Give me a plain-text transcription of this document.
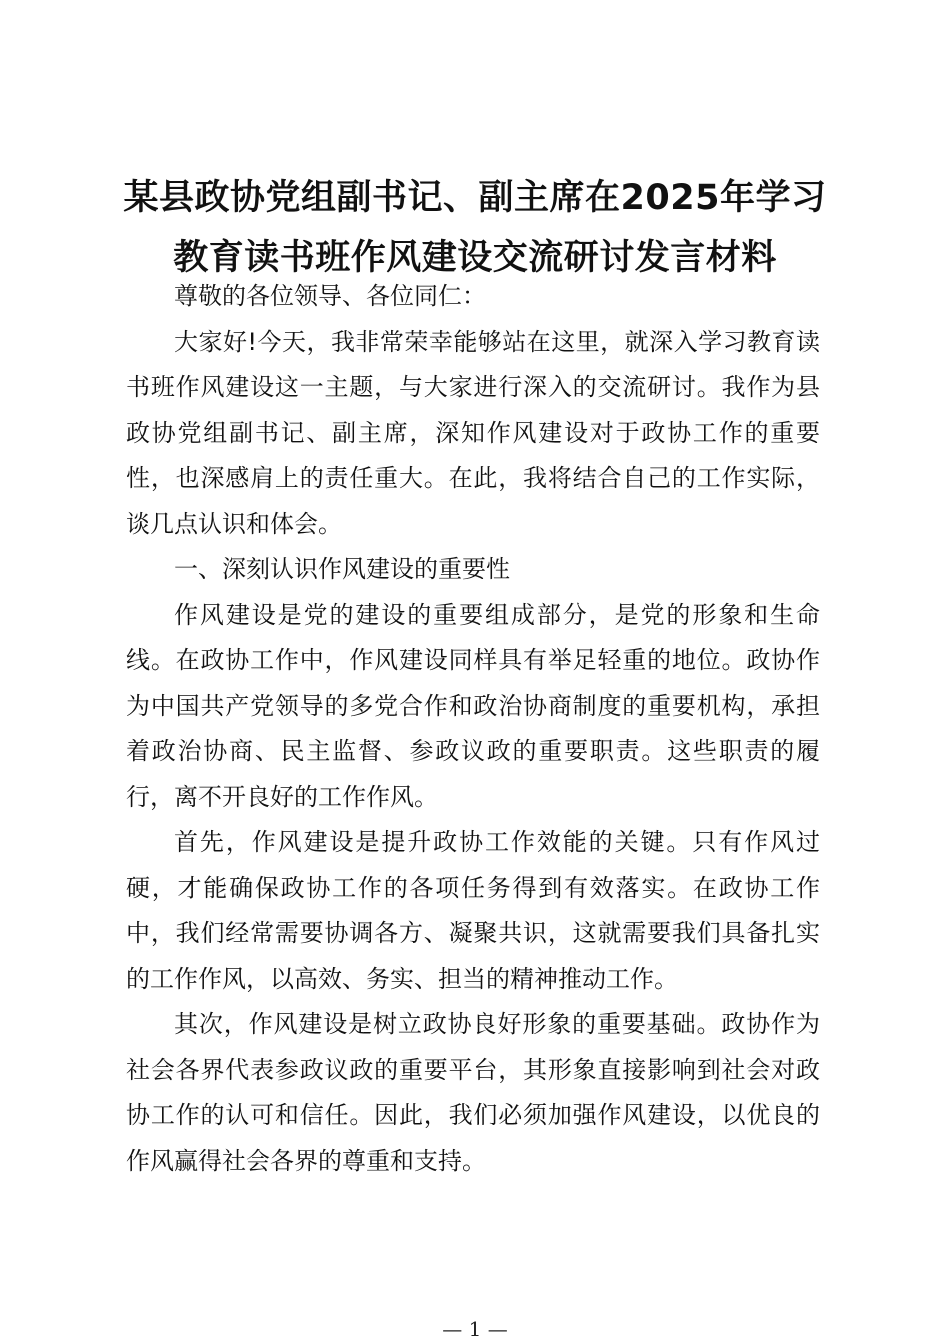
某县政协党组副书记、副主席在2025年学习
教育读书班作风建设交流研讨发言材料

尊敬的各位领导、各位同仁：

大家好!今天，我非常荣幸能够站在这里，就深入学习教育读书班作风建设这一主题，与大家进行深入的交流研讨。我作为县政协党组副书记、副主席，深知作风建设对于政协工作的重要性，也深感肩上的责任重大。在此，我将结合自己的工作实际，谈几点认识和体会。

一、深刻认识作风建设的重要性

作风建设是党的建设的重要组成部分，是党的形象和生命线。在政协工作中，作风建设同样具有举足轻重的地位。政协作为中国共产党领导的多党合作和政治协商制度的重要机构，承担着政治协商、民主监督、参政议政的重要职责。这些职责的履行，离不开良好的工作作风。

首先，作风建设是提升政协工作效能的关键。只有作风过硬，才能确保政协工作的各项任务得到有效落实。在政协工作中，我们经常需要协调各方、凝聚共识，这就需要我们具备扎实的工作作风，以高效、务实、担当的精神推动工作。

其次，作风建设是树立政协良好形象的重要基础。政协作为社会各界代表参政议政的重要平台，其形象直接影响到社会对政协工作的认可和信任。因此，我们必须加强作风建设，以优良的作风赢得社会各界的尊重和支持。

— 1 —
